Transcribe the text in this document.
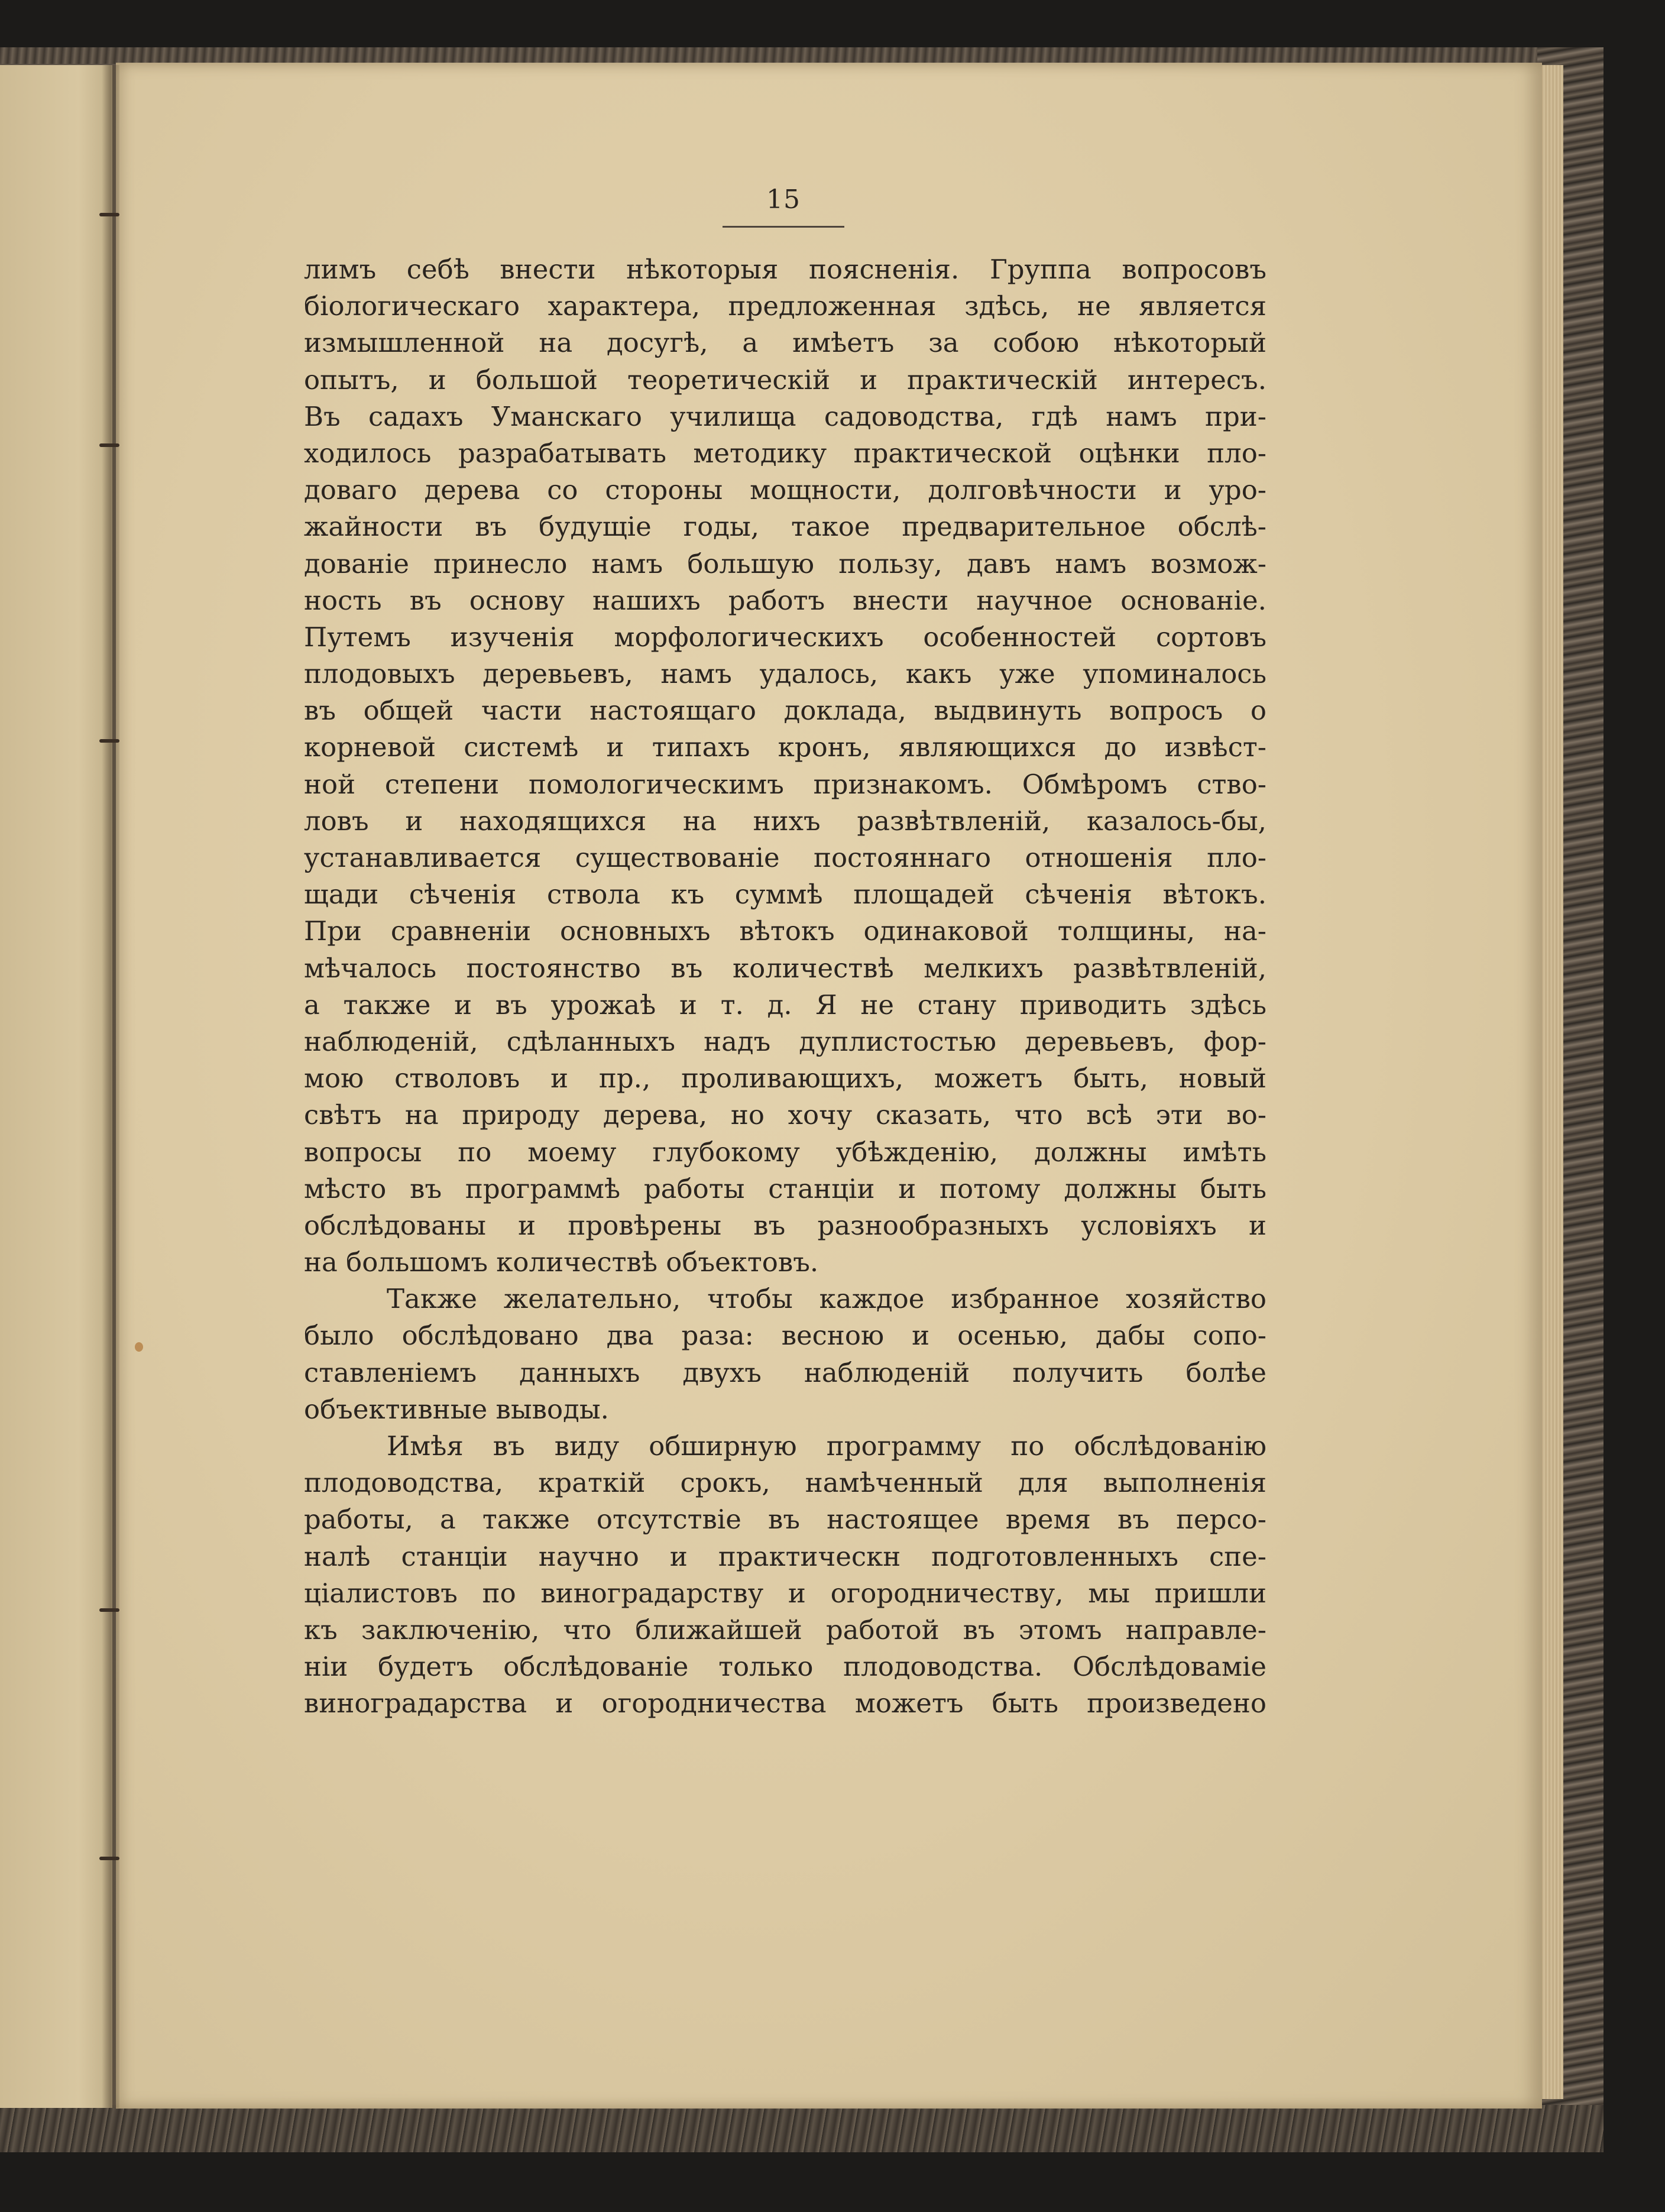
15
лимъ себѣ внести нѣкоторыя поясненія. Группа вопросовъ
біологическаго характера, предложенная здѣсь, не является
измышленной на досугѣ, а имѣетъ за собою нѣкоторый
опытъ, и большой теоретическій и практическій интересъ.
Въ садахъ Уманскаго училища садоводства, гдѣ намъ при-
ходилось разрабатывать методику практической оцѣнки пло-
доваго дерева со стороны мощности, долговѣчности и уро-
жайности въ будущіе годы, такое предварительное обслѣ-
дованіе принесло намъ большую пользу, давъ намъ возмож-
ность въ основу нашихъ работъ внести научное основаніе.
Путемъ изученія морфологическихъ особенностей сортовъ
плодовыхъ деревьевъ, намъ удалось, какъ уже упоминалось
въ общей части настоящаго доклада, выдвинуть вопросъ о
корневой системѣ и типахъ кронъ, являющихся до извѣст-
ной степени помологическимъ признакомъ. Обмѣромъ ство-
ловъ и находящихся на нихъ развѣтвленій, казалось-бы,
устанавливается существованіе постояннаго отношенія пло-
щади сѣченія ствола къ суммѣ площадей сѣченія вѣтокъ.
При сравненіи основныхъ вѣтокъ одинаковой толщины, на-
мѣчалось постоянство въ количествѣ мелкихъ развѣтвленій,
а также и въ урожаѣ и т. д. Я не стану приводить здѣсь
наблюденій, сдѣланныхъ надъ дуплистостью деревьевъ, фор-
мою стволовъ и пр., проливающихъ, можетъ быть, новый
свѣтъ на природу дерева, но хочу сказать, что всѣ эти во-
вопросы по моему глубокому убѣжденію, должны имѣть
мѣсто въ программѣ работы станціи и потому должны быть
обслѣдованы и провѣрены въ разнообразныхъ условіяхъ и
на большомъ количествѣ объектовъ.
Также желательно, чтобы каждое избранное хозяйство
было обслѣдовано два раза: весною и осенью, дабы сопо-
ставленіемъ данныхъ двухъ наблюденій получить болѣе
объективные выводы.
Имѣя въ виду обширную программу по обслѣдованію
плодоводства, краткій срокъ, намѣченный для выполненія
работы, а также отсутствіе въ настоящее время въ персо-
налѣ станціи научно и практическн подготовленныхъ спе-
ціалистовъ по виноградарству и огородничеству, мы пришли
къ заключенію, что ближайшей работой въ этомъ направле-
ніи будетъ обслѣдованіе только плодоводства. Обслѣдоваміе
виноградарства и огородничества можетъ быть произведено
